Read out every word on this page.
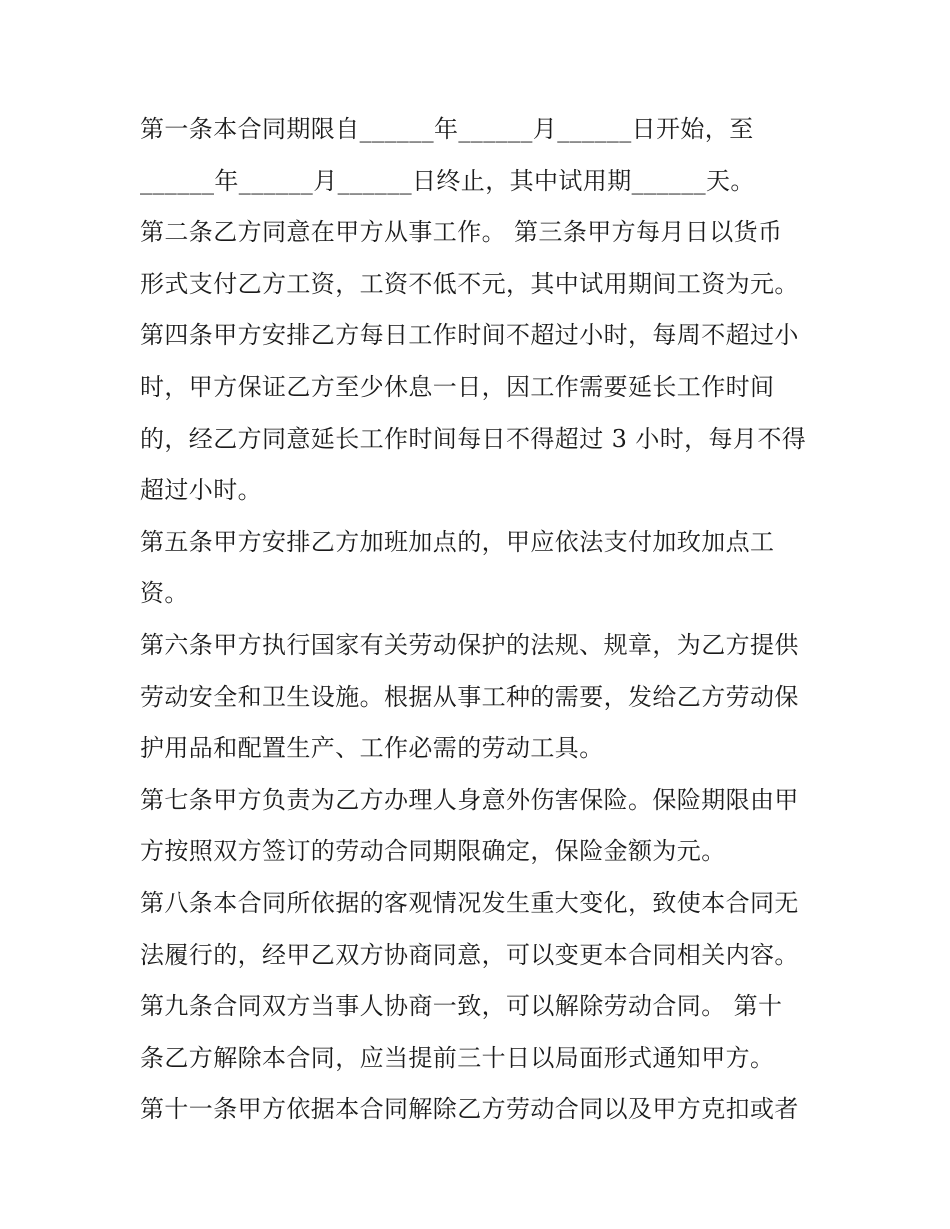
第一条本合同期限自______年______月______日开始，至
______年______月______日终止，其中试用期______天。
第二条乙方同意在甲方从事工作。 第三条甲方每月日以货币
形式支付乙方工资，工资不低不元，其中试用期间工资为元。
第四条甲方安排乙方每日工作时间不超过小时，每周不超过小
时，甲方保证乙方至少休息一日，因工作需要延长工作时间
的，经乙方同意延长工作时间每日不得超过 3 小时，每月不得
超过小时。
第五条甲方安排乙方加班加点的，甲应依法支付加玫加点工
资。
第六条甲方执行国家有关劳动保护的法规、规章，为乙方提供
劳动安全和卫生设施。根据从事工种的需要，发给乙方劳动保
护用品和配置生产、工作必需的劳动工具。
第七条甲方负责为乙方办理人身意外伤害保险。保险期限由甲
方按照双方签订的劳动合同期限确定，保险金额为元。
第八条本合同所依据的客观情况发生重大变化，致使本合同无
法履行的，经甲乙双方协商同意，可以变更本合同相关内容。
第九条合同双方当事人协商一致，可以解除劳动合同。 第十
条乙方解除本合同，应当提前三十日以局面形式通知甲方。
第十一条甲方依据本合同解除乙方劳动合同以及甲方克扣或者
